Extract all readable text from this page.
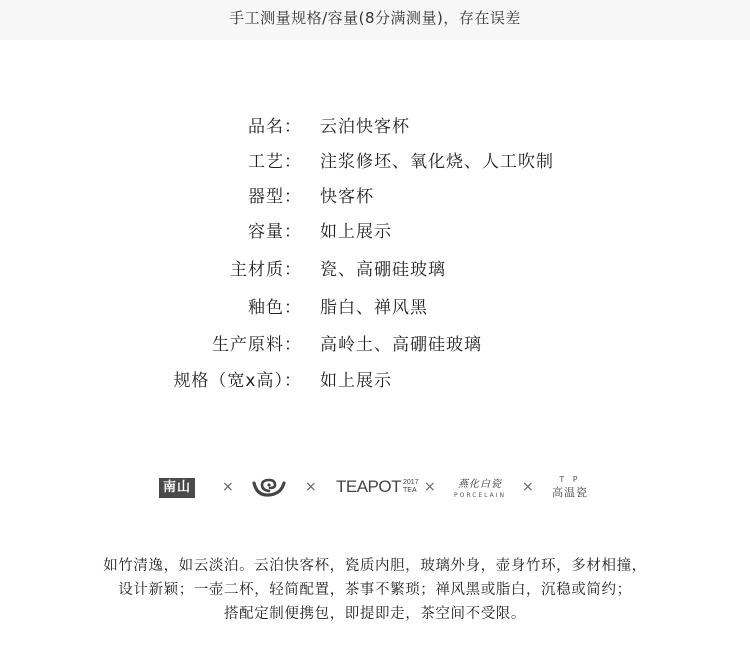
手工测量规格/容量(8分满测量)，存在误差
品名： 云泊快客杯
工艺： 注浆修坯、氧化烧、人工吹制
器型： 快客杯
容量： 如上展示
主材质： 瓷、高硼硅玻璃
釉色： 脂白、禅风黑
生产原料： 高岭土、高硼硅玻璃
规格（宽x高）： 如上展示
南山 ×	× TEAPOT 2017
TEA × 燕化白瓷
PORCELAIN
×	T P
高温瓷
如竹清逸，如云淡泊。云泊快客杯，瓷质内胆，玻璃外身，壶身竹环，多材相撞，
设计新颖；一壶二杯，轻简配置，茶事不繁琐；禅风黑或脂白，沉稳或简约；
搭配定制便携包，即提即走，茶空间不受限。
